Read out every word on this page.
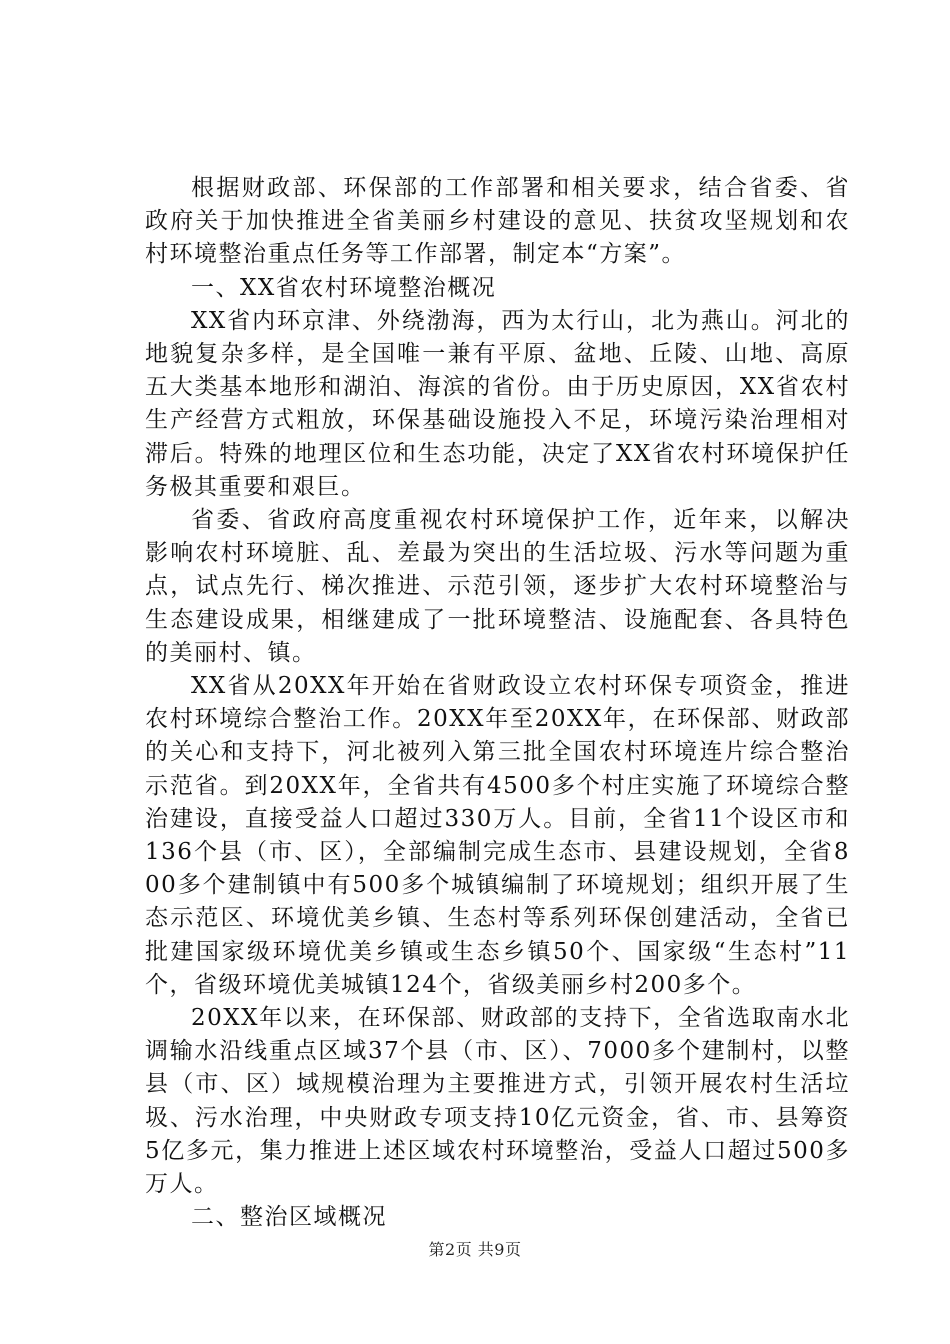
根据财政部、环保部的工作部署和相关要求，结合省委、省政府关于加快推进全省美丽乡村建设的意见、扶贫攻坚规划和农村环境整治重点任务等工作部署，制定本“方案”。

一、XX省农村环境整治概况

XX省内环京津、外绕渤海，西为太行山，北为燕山。河北的地貌复杂多样，是全国唯一兼有平原、盆地、丘陵、山地、高原五大类基本地形和湖泊、海滨的省份。由于历史原因，XX省农村生产经营方式粗放，环保基础设施投入不足，环境污染治理相对滞后。特殊的地理区位和生态功能，决定了XX省农村环境保护任务极其重要和艰巨。

省委、省政府高度重视农村环境保护工作，近年来，以解决影响农村环境脏、乱、差最为突出的生活垃圾、污水等问题为重点，试点先行、梯次推进、示范引领，逐步扩大农村环境整治与生态建设成果，相继建成了一批环境整洁、设施配套、各具特色的美丽村、镇。

XX省从20XX年开始在省财政设立农村环保专项资金，推进农村环境综合整治工作。20XX年至20XX年，在环保部、财政部的关心和支持下，河北被列入第三批全国农村环境连片综合整治示范省。到20XX年，全省共有4500多个村庄实施了环境综合整治建设，直接受益人口超过330万人。目前，全省11个设区市和136个县（市、区），全部编制完成生态市、县建设规划，全省800多个建制镇中有500多个城镇编制了环境规划；组织开展了生态示范区、环境优美乡镇、生态村等系列环保创建活动，全省已批建国家级环境优美乡镇或生态乡镇50个、国家级“生态村”11个，省级环境优美城镇124个，省级美丽乡村200多个。

20XX年以来，在环保部、财政部的支持下，全省选取南水北调输水沿线重点区域37个县（市、区）、7000多个建制村，以整县（市、区）域规模治理为主要推进方式，引领开展农村生活垃圾、污水治理，中央财政专项支持10亿元资金，省、市、县筹资5亿多元，集力推进上述区域农村环境整治，受益人口超过500多万人。

二、整治区域概况

第2页 共9页
